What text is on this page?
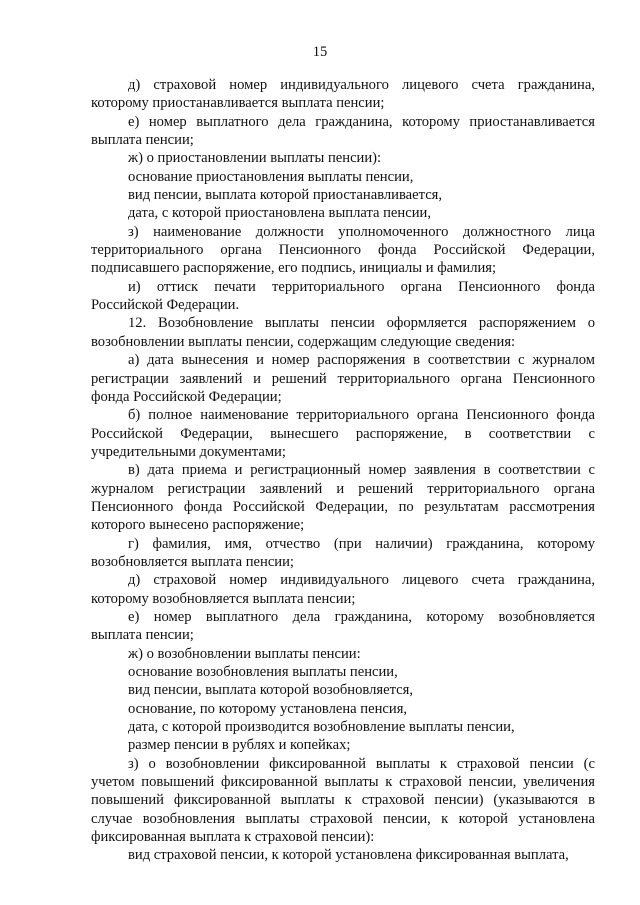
15
д) страховой номер индивидуального лицевого счета гражданина,
которому приостанавливается выплата пенсии;
е) номер выплатного дела гражданина, которому приостанавливается
выплата пенсии;
ж) о приостановлении выплаты пенсии):
основание приостановления выплаты пенсии,
вид пенсии, выплата которой приостанавливается,
дата, с которой приостановлена выплата пенсии,
з) наименование должности уполномоченного должностного лица
территориального органа Пенсионного фонда Российской Федерации,
подписавшего распоряжение, его подпись, инициалы и фамилия;
и) оттиск печати территориального органа Пенсионного фонда
Российской Федерации.
12. Возобновление выплаты пенсии оформляется распоряжением о
возобновлении выплаты пенсии, содержащим следующие сведения:
а) дата вынесения и номер распоряжения в соответствии с журналом
регистрации заявлений и решений территориального органа Пенсионного
фонда Российской Федерации;
б) полное наименование территориального органа Пенсионного фонда
Российской Федерации, вынесшего распоряжение, в соответствии с
учредительными документами;
в) дата приема и регистрационный номер заявления в соответствии с
журналом регистрации заявлений и решений территориального органа
Пенсионного фонда Российской Федерации, по результатам рассмотрения
которого вынесено распоряжение;
г) фамилия, имя, отчество (при наличии) гражданина, которому
возобновляется выплата пенсии;
д) страховой номер индивидуального лицевого счета гражданина,
которому возобновляется выплата пенсии;
е) номер выплатного дела гражданина, которому возобновляется
выплата пенсии;
ж) о возобновлении выплаты пенсии:
основание возобновления выплаты пенсии,
вид пенсии, выплата которой возобновляется,
основание, по которому установлена пенсия,
дата, с которой производится возобновление выплаты пенсии,
размер пенсии в рублях и копейках;
з) о возобновлении фиксированной выплаты к страховой пенсии (с
учетом повышений фиксированной выплаты к страховой пенсии, увеличения
повышений фиксированной выплаты к страховой пенсии) (указываются в
случае возобновления выплаты страховой пенсии, к которой установлена
фиксированная выплата к страховой пенсии):
вид страховой пенсии, к которой установлена фиксированная выплата,
